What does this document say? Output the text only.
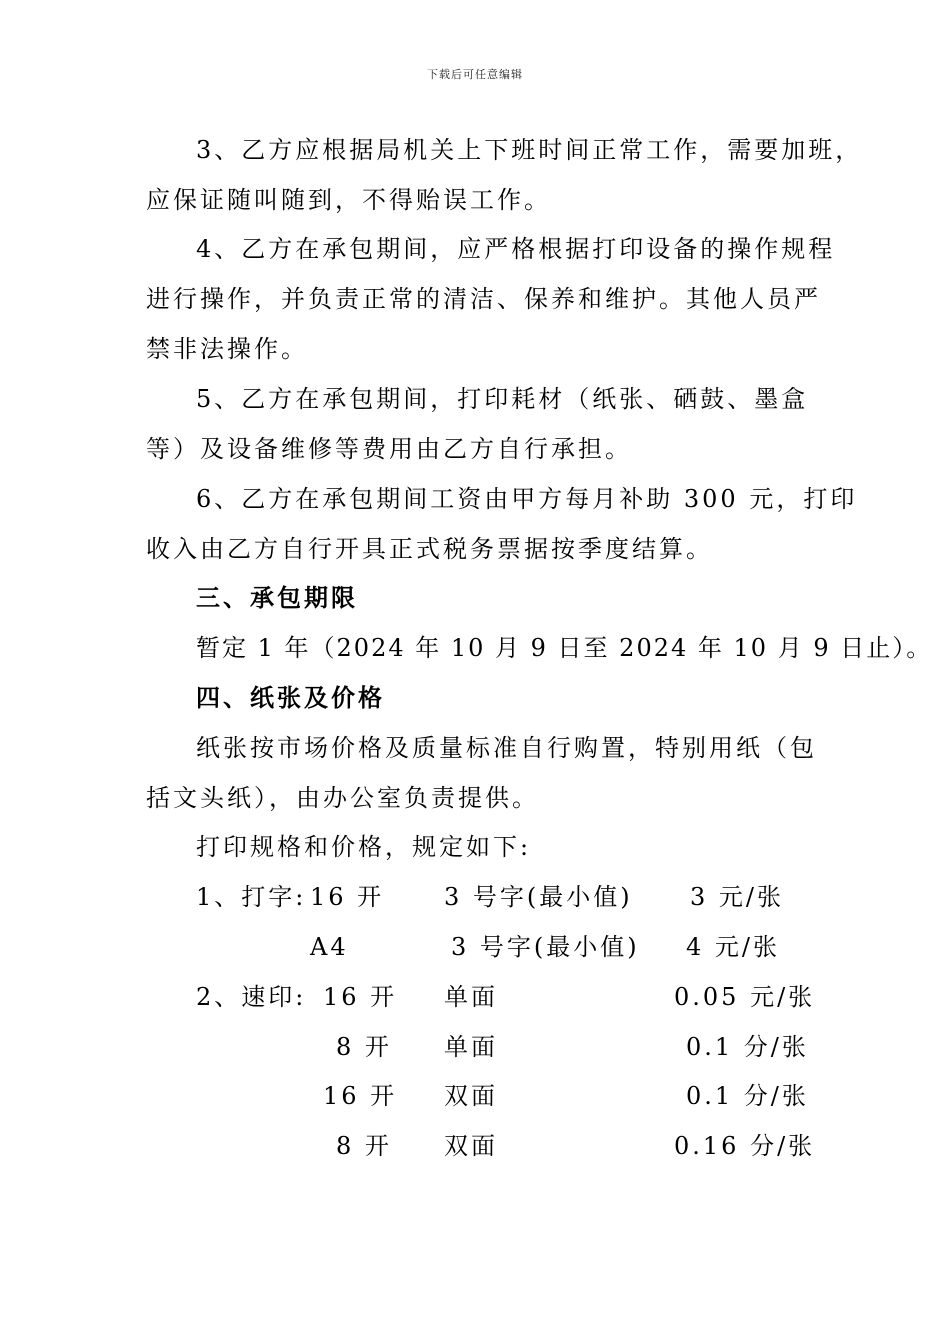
下载后可任意编辑
3、乙方应根据局机关上下班时间正常工作，需要加班，
应保证随叫随到，不得贻误工作。
4、乙方在承包期间，应严格根据打印设备的操作规程
进行操作，并负责正常的清洁、保养和维护。其他人员严
禁非法操作。
5、乙方在承包期间，打印耗材（纸张、硒鼓、墨盒
等）及设备维修等费用由乙方自行承担。
6、乙方在承包期间工资由甲方每月补助 300 元，打印
收入由乙方自行开具正式税务票据按季度结算。
三、承包期限
暂定 1 年（2024 年 10 月 9 日至 2024 年 10 月 9 日止）。
四、纸张及价格
纸张按市场价格及质量标准自行购置，特别用纸（包
括文头纸），由办公室负责提供。
打印规格和价格，规定如下:
1、打字: 16 开 3 号字(最小值) 3 元/张
A4	3 号字(最小值) 4 元/张
2、速印: 16 开 单面	0.05 元/张
8 开 单面	0.1 分/张
16 开 双面	0.1 分/张
8 开 双面	0.16 分/张
